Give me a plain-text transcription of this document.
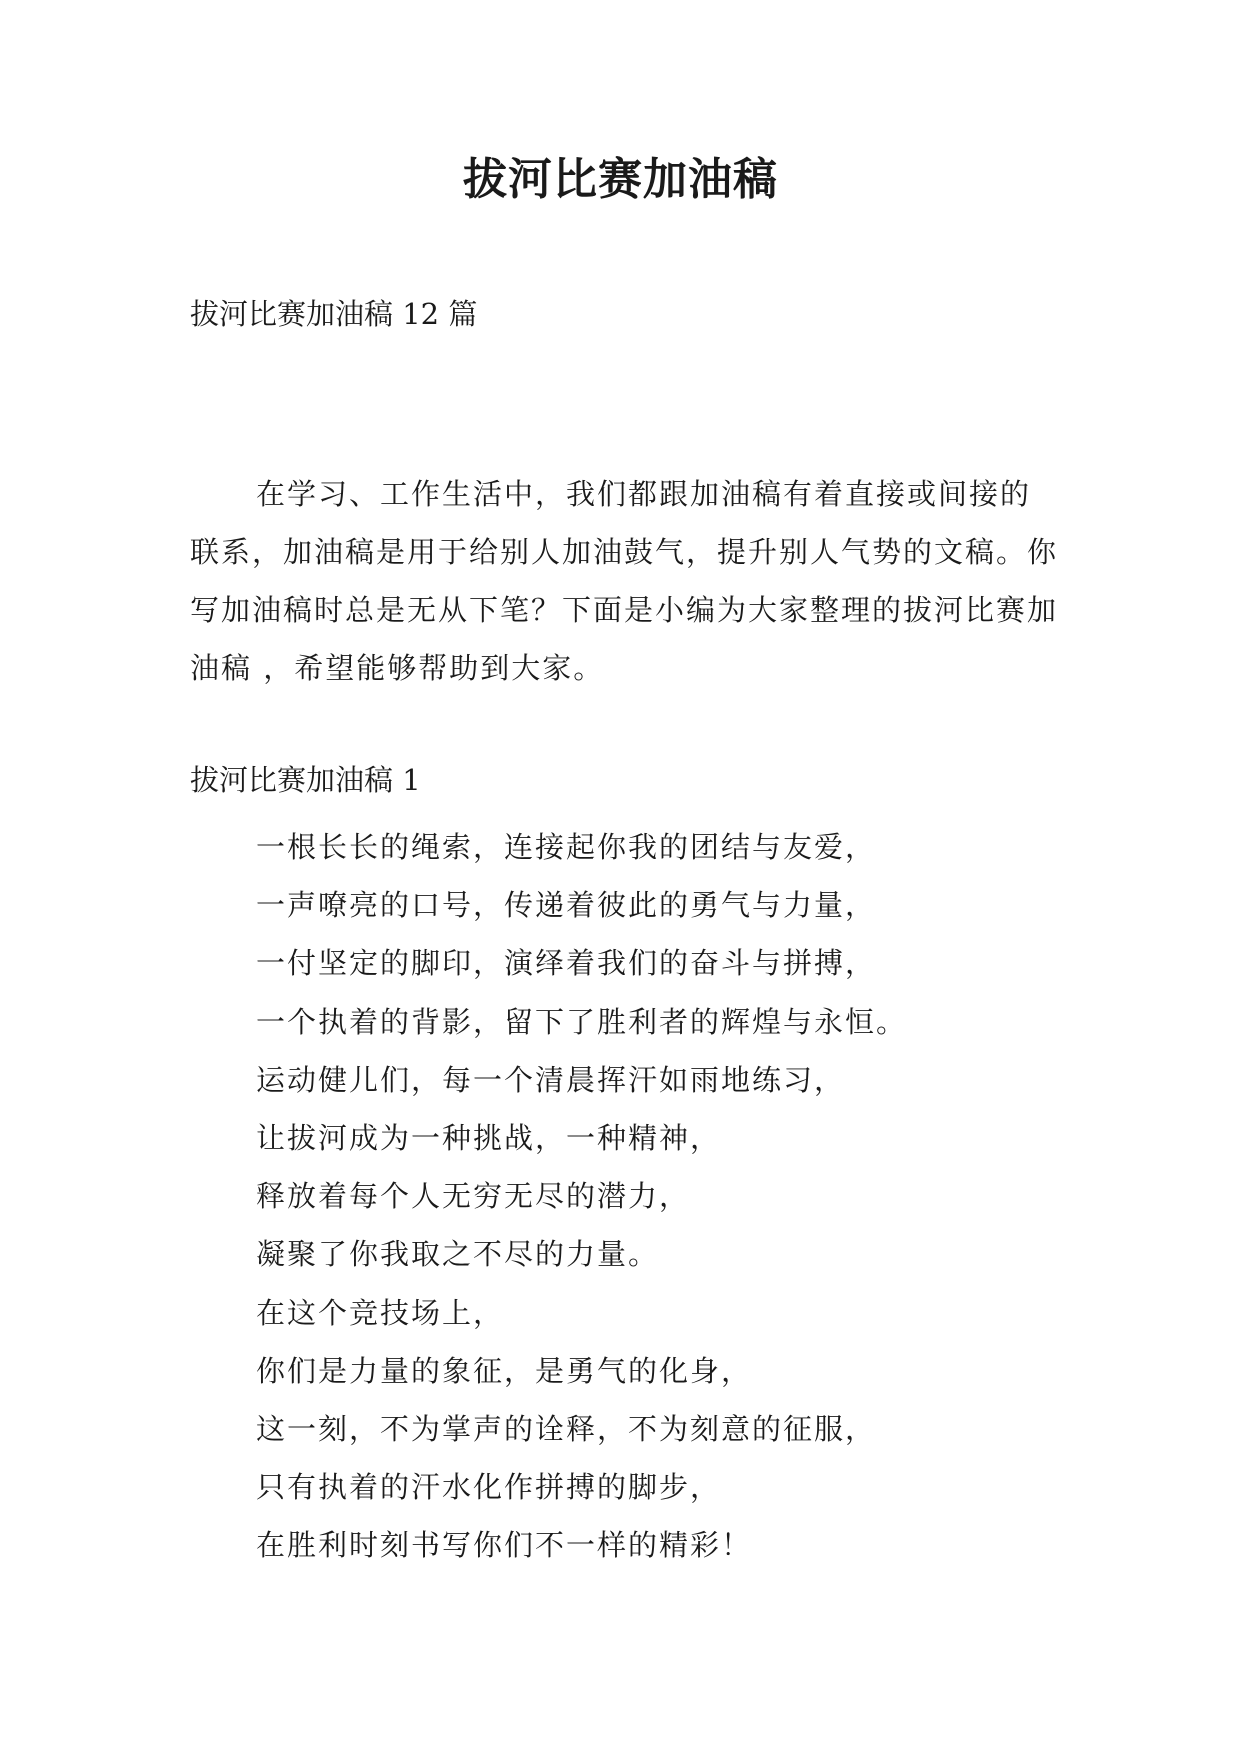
拔河比赛加油稿
拔河比赛加油稿 12 篇

在学习、工作生活中，我们都跟加油稿有着直接或间接的联系，加油稿是用于给别人加油鼓气，提升别人气势的文稿。你写加油稿时总是无从下笔？下面是小编为大家整理的拔河比赛加油稿 ，希望能够帮助到大家。

拔河比赛加油稿 1
一根长长的绳索，连接起你我的团结与友爱，
一声嘹亮的口号，传递着彼此的勇气与力量，
一付坚定的脚印，演绎着我们的奋斗与拼搏，
一个执着的背影，留下了胜利者的辉煌与永恒。
运动健儿们，每一个清晨挥汗如雨地练习，
让拔河成为一种挑战，一种精神，
释放着每个人无穷无尽的潜力，
凝聚了你我取之不尽的力量。
在这个竞技场上，
你们是力量的象征，是勇气的化身，
这一刻，不为掌声的诠释，不为刻意的征服，
只有执着的汗水化作拼搏的脚步，
在胜利时刻书写你们不一样的精彩！
